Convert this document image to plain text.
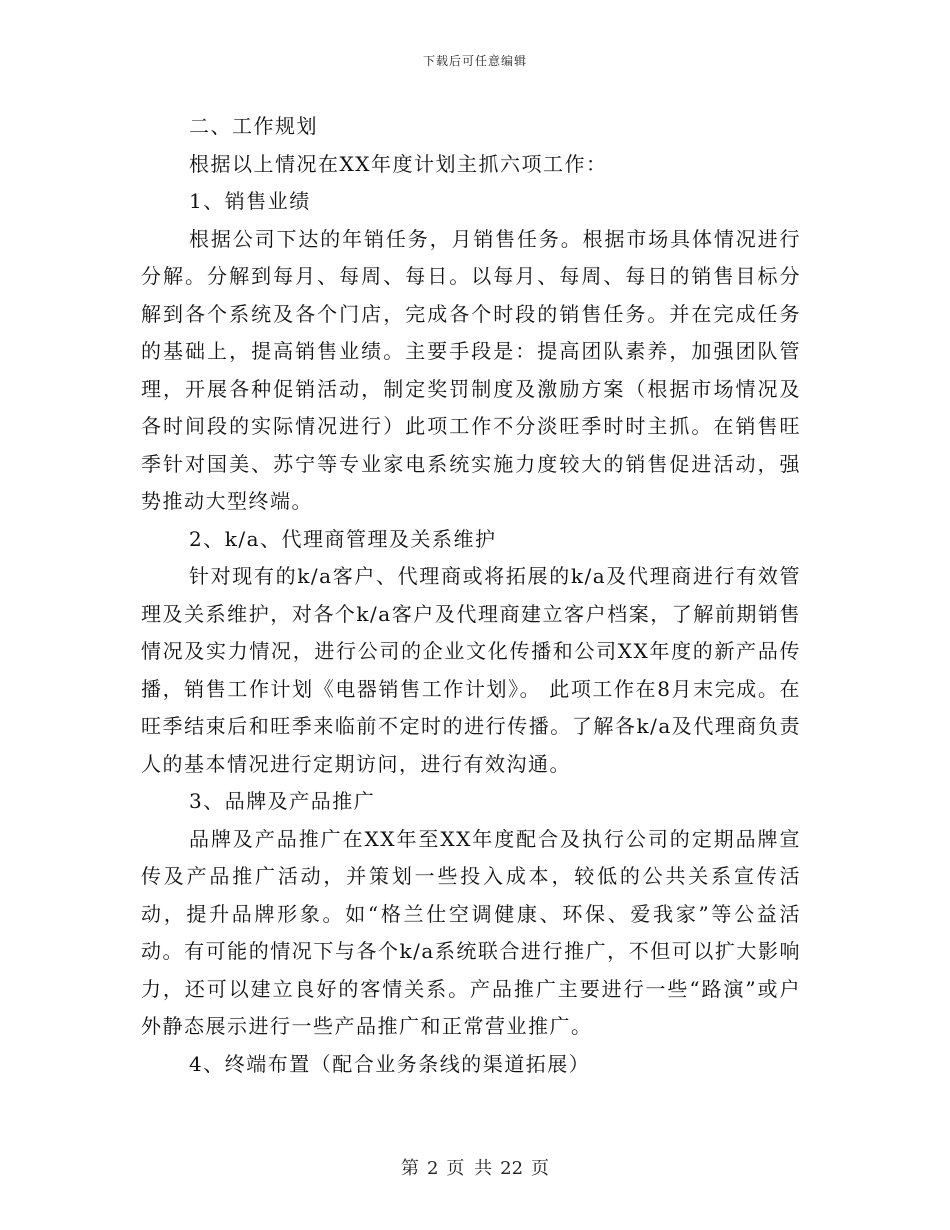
下载后可任意编辑

二、工作规划

根据以上情况在XX年度计划主抓六项工作：

1、销售业绩

根据公司下达的年销任务，月销售任务。根据市场具体情况进行分解。分解到每月、每周、每日。以每月、每周、每日的销售目标分解到各个系统及各个门店，完成各个时段的销售任务。并在完成任务的基础上，提高销售业绩。主要手段是：提高团队素养，加强团队管理，开展各种促销活动，制定奖罚制度及激励方案（根据市场情况及各时间段的实际情况进行）此项工作不分淡旺季时时主抓。在销售旺季针对国美、苏宁等专业家电系统实施力度较大的销售促进活动，强势推动大型终端。

2、k/a、代理商管理及关系维护

针对现有的k/a客户、代理商或将拓展的k/a及代理商进行有效管理及关系维护，对各个k/a客户及代理商建立客户档案，了解前期销售情况及实力情况，进行公司的企业文化传播和公司XX年度的新产品传播，销售工作计划《电器销售工作计划》。 此项工作在8月末完成。在旺季结束后和旺季来临前不定时的进行传播。了解各k/a及代理商负责人的基本情况进行定期访问，进行有效沟通。

3、品牌及产品推广

品牌及产品推广在XX年至XX年度配合及执行公司的定期品牌宣传及产品推广活动，并策划一些投入成本，较低的公共关系宣传活动，提升品牌形象。如“格兰仕空调健康、环保、爱我家”等公益活动。有可能的情况下与各个k/a系统联合进行推广，不但可以扩大影响力，还可以建立良好的客情关系。产品推广主要进行一些“路演”或户外静态展示进行一些产品推广和正常营业推广。

4、终端布置（配合业务条线的渠道拓展）

第 2 页 共 22 页
